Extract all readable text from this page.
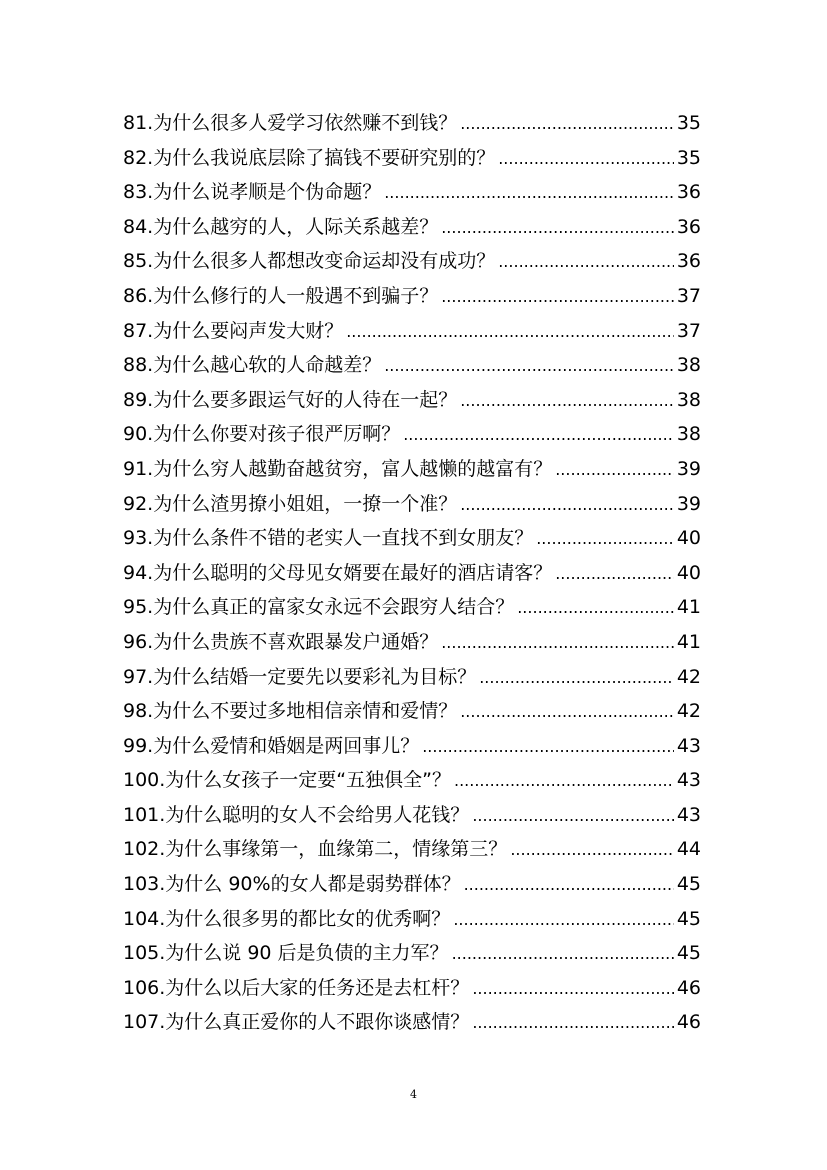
81.为什么很多人爱学习依然赚不到钱？ .....	35
82.为什么我说底层除了搞钱不要研究别的？ .....	35
83.为什么说孝顺是个伪命题？ .....	36
84.为什么越穷的人，人际关系越差？ .....	36
85.为什么很多人都想改变命运却没有成功？ .....	36
86.为什么修行的人一般遇不到骗子？ .....	37
87.为什么要闷声发大财？ .....	37
88.为什么越心软的人命越差？ .....	38
89.为什么要多跟运气好的人待在一起？ .....	38
90.为什么你要对孩子很严厉啊？ .....	38
91.为什么穷人越勤奋越贫穷，富人越懒的越富有？ .....	39
92.为什么渣男撩小姐姐，一撩一个准？ .....	39
93.为什么条件不错的老实人一直找不到女朋友？ .....	40
94.为什么聪明的父母见女婿要在最好的酒店请客？ .....	40
95.为什么真正的富家女永远不会跟穷人结合？ .....	41
96.为什么贵族不喜欢跟暴发户通婚？ .....	41
97.为什么结婚一定要先以要彩礼为目标？ .....	42
98.为什么不要过多地相信亲情和爱情？ .....	42
99.为什么爱情和婚姻是两回事儿？ .....	43
100.为什么女孩子一定要“五独俱全”？ .....	43
101.为什么聪明的女人不会给男人花钱？ .....	43
102.为什么事缘第一，血缘第二，情缘第三？ .....	44
103.为什么 90%的女人都是弱势群体？ .....	45
104.为什么很多男的都比女的优秀啊？ .....	45
105.为什么说 90 后是负债的主力军？ .....	45
106.为什么以后大家的任务还是去杠杆？ .....	46
107.为什么真正爱你的人不跟你谈感情？ .....	46
4
